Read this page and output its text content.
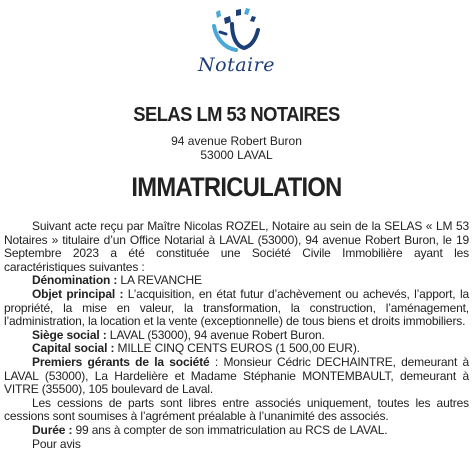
Notaire
SELAS LM 53 NOTAIRES
94 avenue Robert Buron
53000 LAVAL
IMMATRICULATION

Suivant acte reçu par Maître Nicolas ROZEL, Notaire au sein de la SELAS « LM 53 Notaires » titulaire d’un Office Notarial à LAVAL (53000), 94 avenue Robert Buron, le 19 Septembre 2023 a été constituée une Société Civile Immobilière ayant les caractéristiques suivantes :

Dénomination : LA REVANCHE

Objet principal : L’acquisition, en état futur d’achèvement ou achevés, l’apport, la propriété, la mise en valeur, la transformation, la construction, l’aménagement, l’administration, la location et la vente (exceptionnelle) de tous biens et droits immobiliers.

Siège social : LAVAL (53000), 94 avenue Robert Buron.

Capital social : MILLE CINQ CENTS EUROS (1 500,00 EUR).

Premiers gérants de la société : Monsieur Cédric DECHAINTRE, demeurant à LAVAL (53000), La Hardelière et Madame Stéphanie MONTEMBAULT, demeurant à VITRE (35500), 105 boulevard de Laval.

Les cessions de parts sont libres entre associés uniquement, toutes les autres cessions sont soumises à l’agrément préalable à l’unanimité des associés.

Durée : 99 ans à compter de son immatriculation au RCS de LAVAL.

Pour avis
